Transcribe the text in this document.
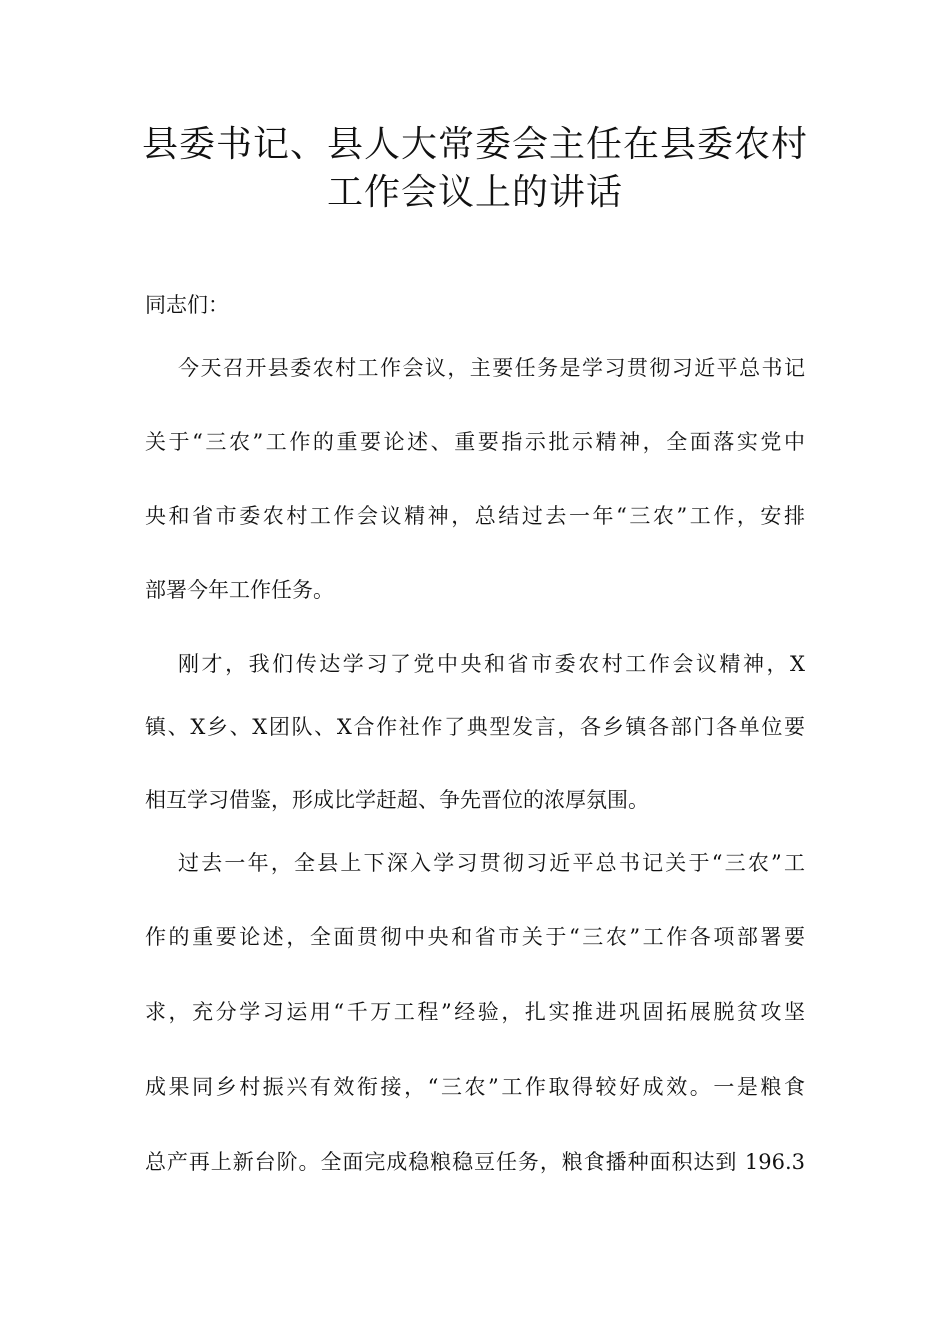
县委书记、县人大常委会主任在县委农村
工作会议上的讲话
同志们：
今天召开县委农村工作会议，主要任务是学习贯彻习近平总书记
关于“三农”工作的重要论述、重要指示批示精神，全面落实党中
央和省市委农村工作会议精神，总结过去一年“三农”工作，安排
部署今年工作任务。
刚才，我们传达学习了党中央和省市委农村工作会议精神，X
镇、X乡、X团队、X合作社作了典型发言，各乡镇各部门各单位要
相互学习借鉴，形成比学赶超、争先晋位的浓厚氛围。
过去一年，全县上下深入学习贯彻习近平总书记关于“三农”工
作的重要论述，全面贯彻中央和省市关于“三农”工作各项部署要
求，充分学习运用“千万工程”经验，扎实推进巩固拓展脱贫攻坚
成果同乡村振兴有效衔接，“三农”工作取得较好成效。一是粮食
总产再上新台阶。全面完成稳粮稳豆任务，粮食播种面积达到 196.3
